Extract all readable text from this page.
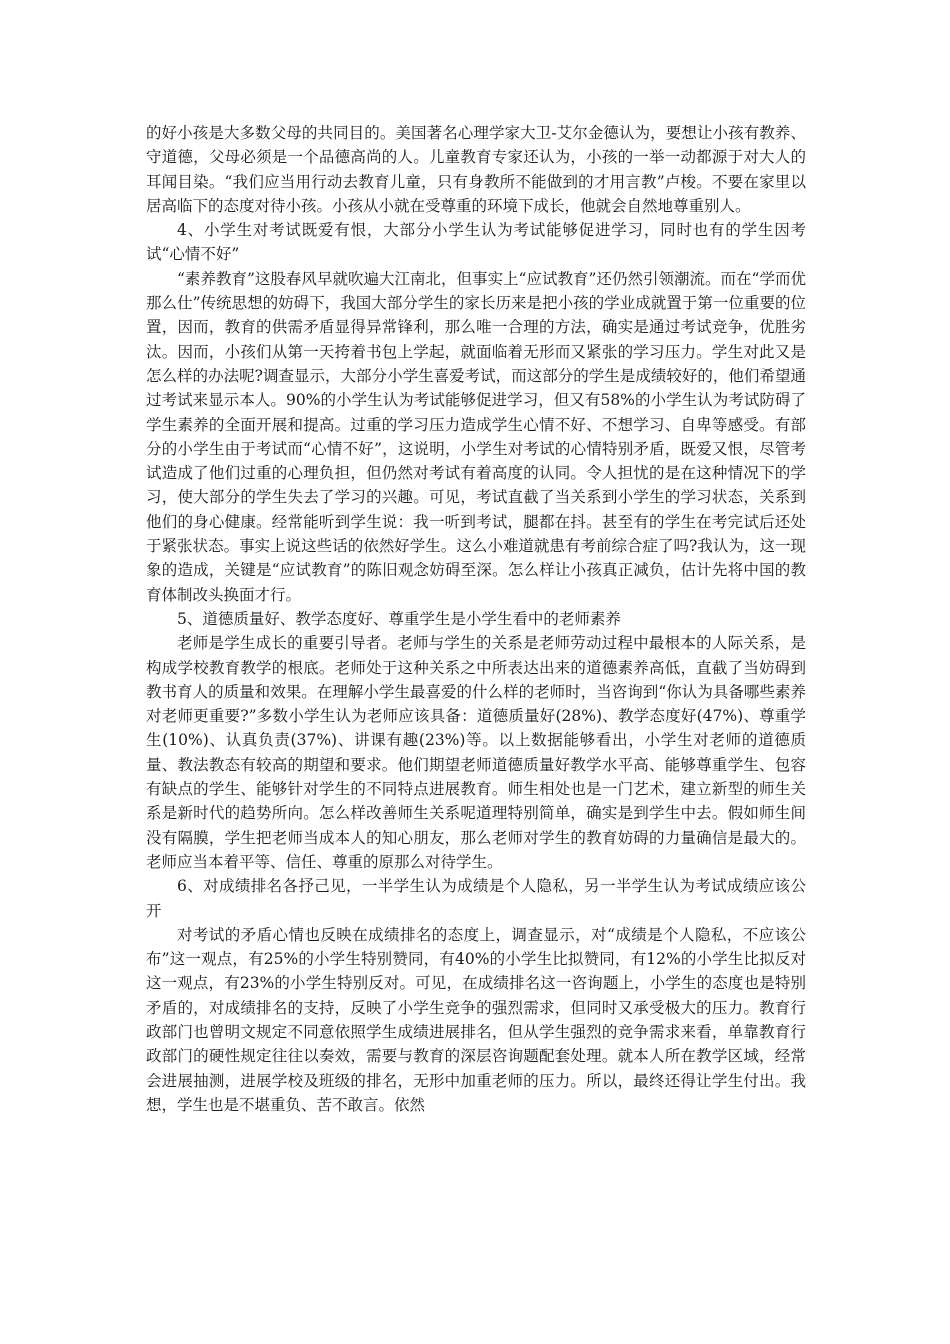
的好小孩是大多数父母的共同目的。美国著名心理学家大卫-艾尔金德认为，要想让小孩有教养、守道德，父母必须是一个品德高尚的人。儿童教育专家还认为，小孩的一举一动都源于对大人的耳闻目染。“我们应当用行动去教育儿童，只有身教所不能做到的才用言教”卢梭。不要在家里以居高临下的态度对待小孩。小孩从小就在受尊重的环境下成长，他就会自然地尊重别人。

4、小学生对考试既爱有恨，大部分小学生认为考试能够促进学习，同时也有的学生因考试“心情不好”

“素养教育”这股春风早就吹遍大江南北，但事实上“应试教育”还仍然引领潮流。而在“学而优那么仕”传统思想的妨碍下，我国大部分学生的家长历来是把小孩的学业成就置于第一位重要的位置，因而，教育的供需矛盾显得异常锋利，那么唯一合理的方法，确实是通过考试竞争，优胜劣汰。因而，小孩们从第一天挎着书包上学起，就面临着无形而又紧张的学习压力。学生对此又是怎么样的办法呢?调查显示，大部分小学生喜爱考试，而这部分的学生是成绩较好的，他们希望通过考试来显示本人。90%的小学生认为考试能够促进学习，但又有58%的小学生认为考试防碍了学生素养的全面开展和提高。过重的学习压力造成学生心情不好、不想学习、自卑等感受。有部分的小学生由于考试而“心情不好”，这说明，小学生对考试的心情特别矛盾，既爱又恨，尽管考试造成了他们过重的心理负担，但仍然对考试有着高度的认同。令人担忧的是在这种情况下的学习，使大部分的学生失去了学习的兴趣。可见，考试直截了当关系到小学生的学习状态，关系到他们的身心健康。经常能听到学生说：我一听到考试，腿都在抖。甚至有的学生在考完试后还处于紧张状态。事实上说这些话的依然好学生。这么小难道就患有考前综合症了吗?我认为，这一现象的造成，关键是“应试教育”的陈旧观念妨碍至深。怎么样让小孩真正减负，估计先将中国的教育体制改头换面才行。

5、道德质量好、教学态度好、尊重学生是小学生看中的老师素养

老师是学生成长的重要引导者。老师与学生的关系是老师劳动过程中最根本的人际关系，是构成学校教育教学的根底。老师处于这种关系之中所表达出来的道德素养高低，直截了当妨碍到教书育人的质量和效果。在理解小学生最喜爱的什么样的老师时，当咨询到“你认为具备哪些素养对老师更重要?”多数小学生认为老师应该具备：道德质量好(28%)、教学态度好(47%)、尊重学生(10%)、认真负责(37%)、讲课有趣(23%)等。以上数据能够看出，小学生对老师的道德质量、教法教态有较高的期望和要求。他们期望老师道德质量好教学水平高、能够尊重学生、包容有缺点的学生、能够针对学生的不同特点进展教育。师生相处也是一门艺术，建立新型的师生关系是新时代的趋势所向。怎么样改善师生关系呢道理特别简单，确实是到学生中去。假如师生间没有隔膜，学生把老师当成本人的知心朋友，那么老师对学生的教育妨碍的力量确信是最大的。老师应当本着平等、信任、尊重的原那么对待学生。

6、对成绩排名各抒己见，一半学生认为成绩是个人隐私，另一半学生认为考试成绩应该公开

对考试的矛盾心情也反映在成绩排名的态度上，调查显示，对“成绩是个人隐私，不应该公布”这一观点，有25%的小学生特别赞同，有40%的小学生比拟赞同，有12%的小学生比拟反对这一观点，有23%的小学生特别反对。可见，在成绩排名这一咨询题上，小学生的态度也是特别矛盾的，对成绩排名的支持，反映了小学生竞争的强烈需求，但同时又承受极大的压力。教育行政部门也曾明文规定不同意依照学生成绩进展排名，但从学生强烈的竞争需求来看，单靠教育行政部门的硬性规定往往以奏效，需要与教育的深层咨询题配套处理。就本人所在教学区域，经常会进展抽测，进展学校及班级的排名，无形中加重老师的压力。所以，最终还得让学生付出。我想，学生也是不堪重负、苦不敢言。依然
